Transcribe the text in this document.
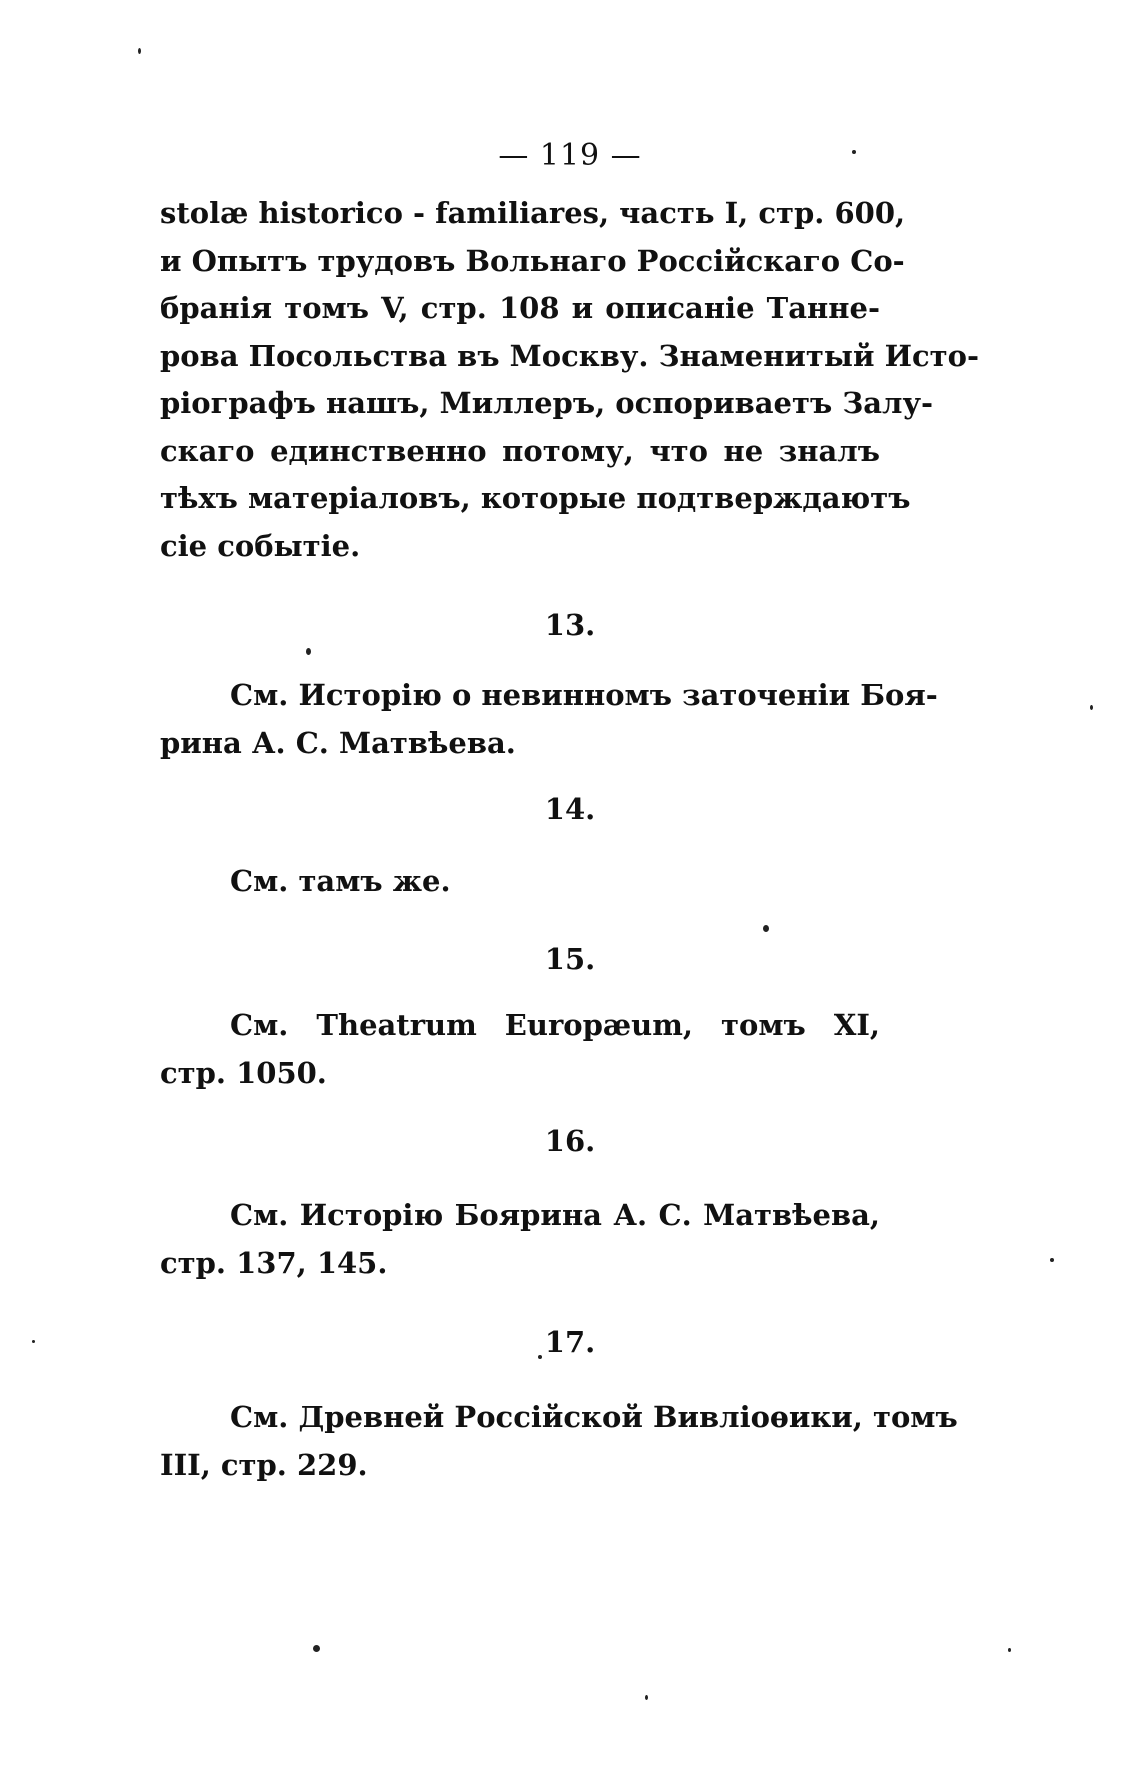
— 119 —
stolæ historico - familiares, часть I, стр. 600,
и Опытъ трудовъ Вольнаго Россійскаго Со-
бранія томъ V, стр. 108 и описаніе Танне-
рова Посольства въ Москву. Знаменитый Исто-
ріографъ нашъ, Миллеръ, оспориваетъ Залу-
скаго единственно потому, что не зналъ
тѣхъ матеріаловъ, которые подтверждаютъ
сіе событіе.
13.
См. Исторію о невинномъ заточеніи Боя-
рина А. С. Матвѣева.
14.
См. тамъ же.
15.
См. Theatrum Europæum, томъ XI,
стр. 1050.
16.
См. Исторію Боярина А. С. Матвѣева,
стр. 137, 145.
17.
См. Древней Россійской Вивліоѳики, томъ
III, стр. 229.
